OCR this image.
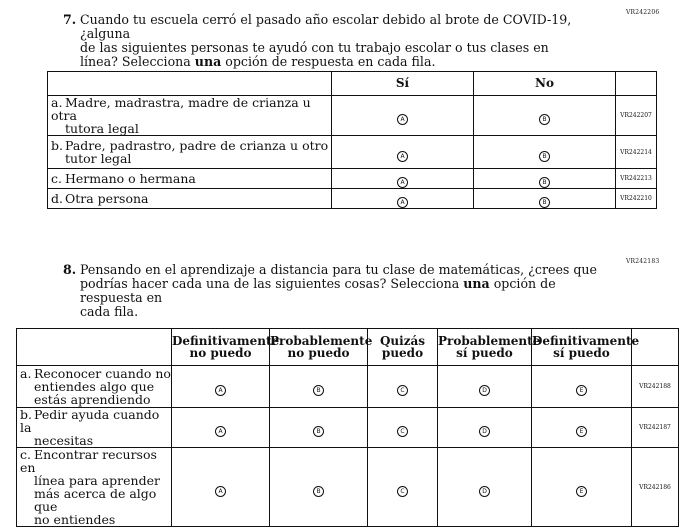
VR242206
7. Cuando tu escuela cerró el pasado año escolar debido al brote de COVID-19, ¿alguna
de las siguientes personas te ayudó con tu trabajo escolar o tus clases en
línea? Selecciona una opción de respuesta en cada fila.
	Sí	No	
a. Madre, madrastra, madre de crianza u otra
tutora legal	A	B	VR242207
b. Padre, padrastro, padre de crianza u otro
tutor legal	A	B	VR242214
c. Hermano o hermana	A	B	VR242213
d. Otra persona	A	B	VR242210
VR242183
8. Pensando en el aprendizaje a distancia para tu clase de matemáticas, ¿crees que
podrías hacer cada una de las siguientes cosas? Selecciona una opción de respuesta en
cada fila.
	Definitivamente
no puedo	Probablemente
no puedo	Quizás
puedo	Probablemente
sí puedo	Definitivamente
sí puedo	
a. Reconocer cuando no
entiendes algo que
estás aprendiendo	A	B	C	D	E	VR242188
b. Pedir ayuda cuando la
necesitas	A	B	C	D	E	VR242187
c. Encontrar recursos en
línea para aprender
más acerca de algo que
no entiendes	A	B	C	D	E	VR242186
